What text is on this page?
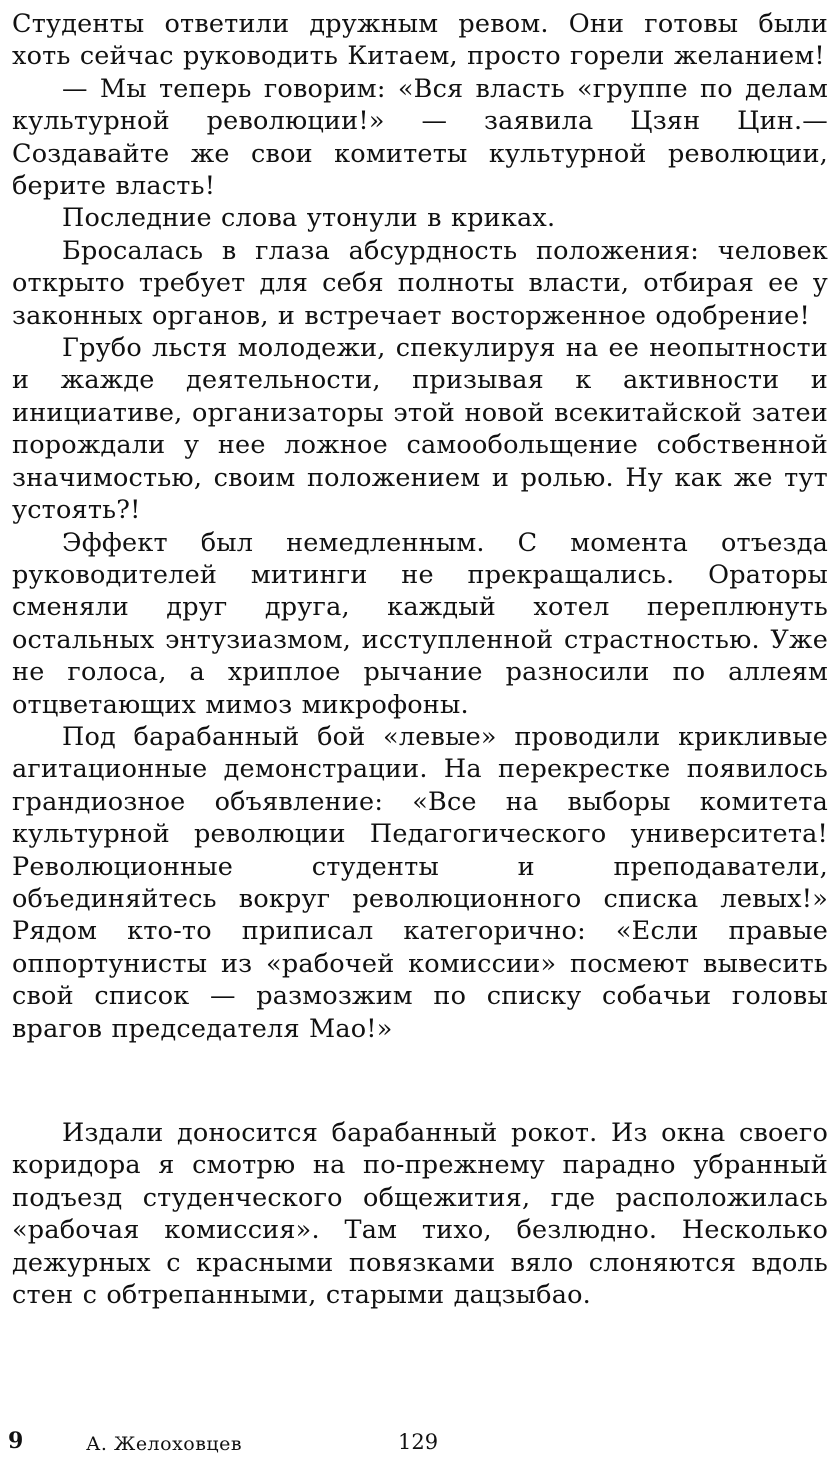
Студенты ответили дружным ревом. Они готовы были хоть сейчас руководить Китаем, просто горели желанием!

— Мы теперь говорим: «Вся власть «группе по делам культурной революции!» — заявила Цзян Цин.— Создавайте же свои комитеты культурной революции, берите власть!

Последние слова утонули в криках.

Бросалась в глаза абсурдность положения: человек открыто требует для себя полноты власти, отбирая ее у законных органов, и встречает восторженное одобрение!

Грубо льстя молодежи, спекулируя на ее неопытности и жажде деятельности, призывая к активности и инициативе, организаторы этой новой всекитайской затеи порождали у нее ложное самообольщение собственной значимостью, своим положением и ролью. Ну как же тут устоять?!

Эффект был немедленным. С момента отъезда руководителей митинги не прекращались. Ораторы сменяли друг друга, каждый хотел переплюнуть остальных энтузиазмом, исступленной страстностью. Уже не голоса, а хриплое рычание разносили по аллеям отцветающих мимоз микрофоны.

Под барабанный бой «левые» проводили крикливые агитационные демонстрации. На перекрестке появилось грандиозное объявление: «Все на выборы комитета культурной революции Педагогического университета! Революционные студенты и преподаватели, объединяйтесь вокруг революционного списка левых!» Рядом кто-то приписал категорично: «Если правые оппортунисты из «рабочей комиссии» посмеют вывесить свой список — размозжим по списку собачьи головы врагов председателя Мао!»

Издали доносится барабанный рокот. Из окна своего коридора я смотрю на по-прежнему парадно убранный подъезд студенческого общежития, где расположилась «рабочая комиссия». Там тихо, безлюдно. Несколько дежурных с красными повязками вяло слоняются вдоль стен с обтрепанными, старыми дацзыбао.

9	А. Желоховцев	129
